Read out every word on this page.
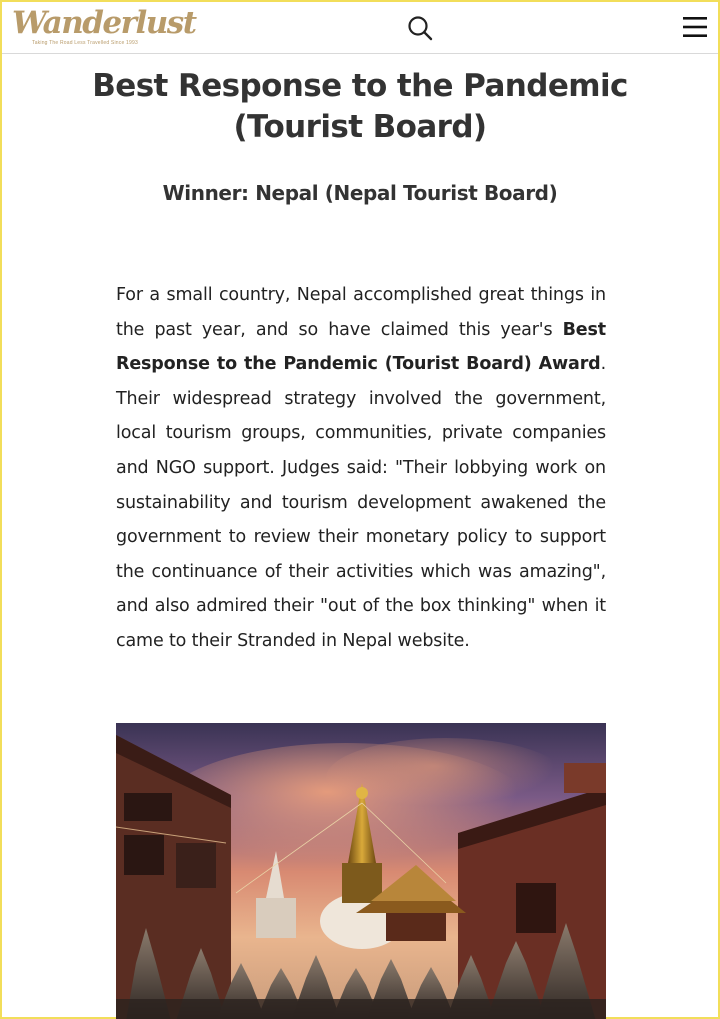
Wanderlust
Taking The Road Less Travelled Since 1993
Best Response to the Pandemic (Tourist Board)
Winner: Nepal (Nepal Tourist Board)

For a small country, Nepal accomplished great things in the past year, and so have claimed this year's Best Response to the Pandemic (Tourist Board) Award. Their widespread strategy involved the government, local tourism groups, communities, private companies and NGO support. Judges said: "Their lobbying work on sustainability and tourism development awakened the government to review their monetary policy to support the continuance of their activities which was amazing", and also admired their "out of the box thinking" when it came to their Stranded in Nepal website.
